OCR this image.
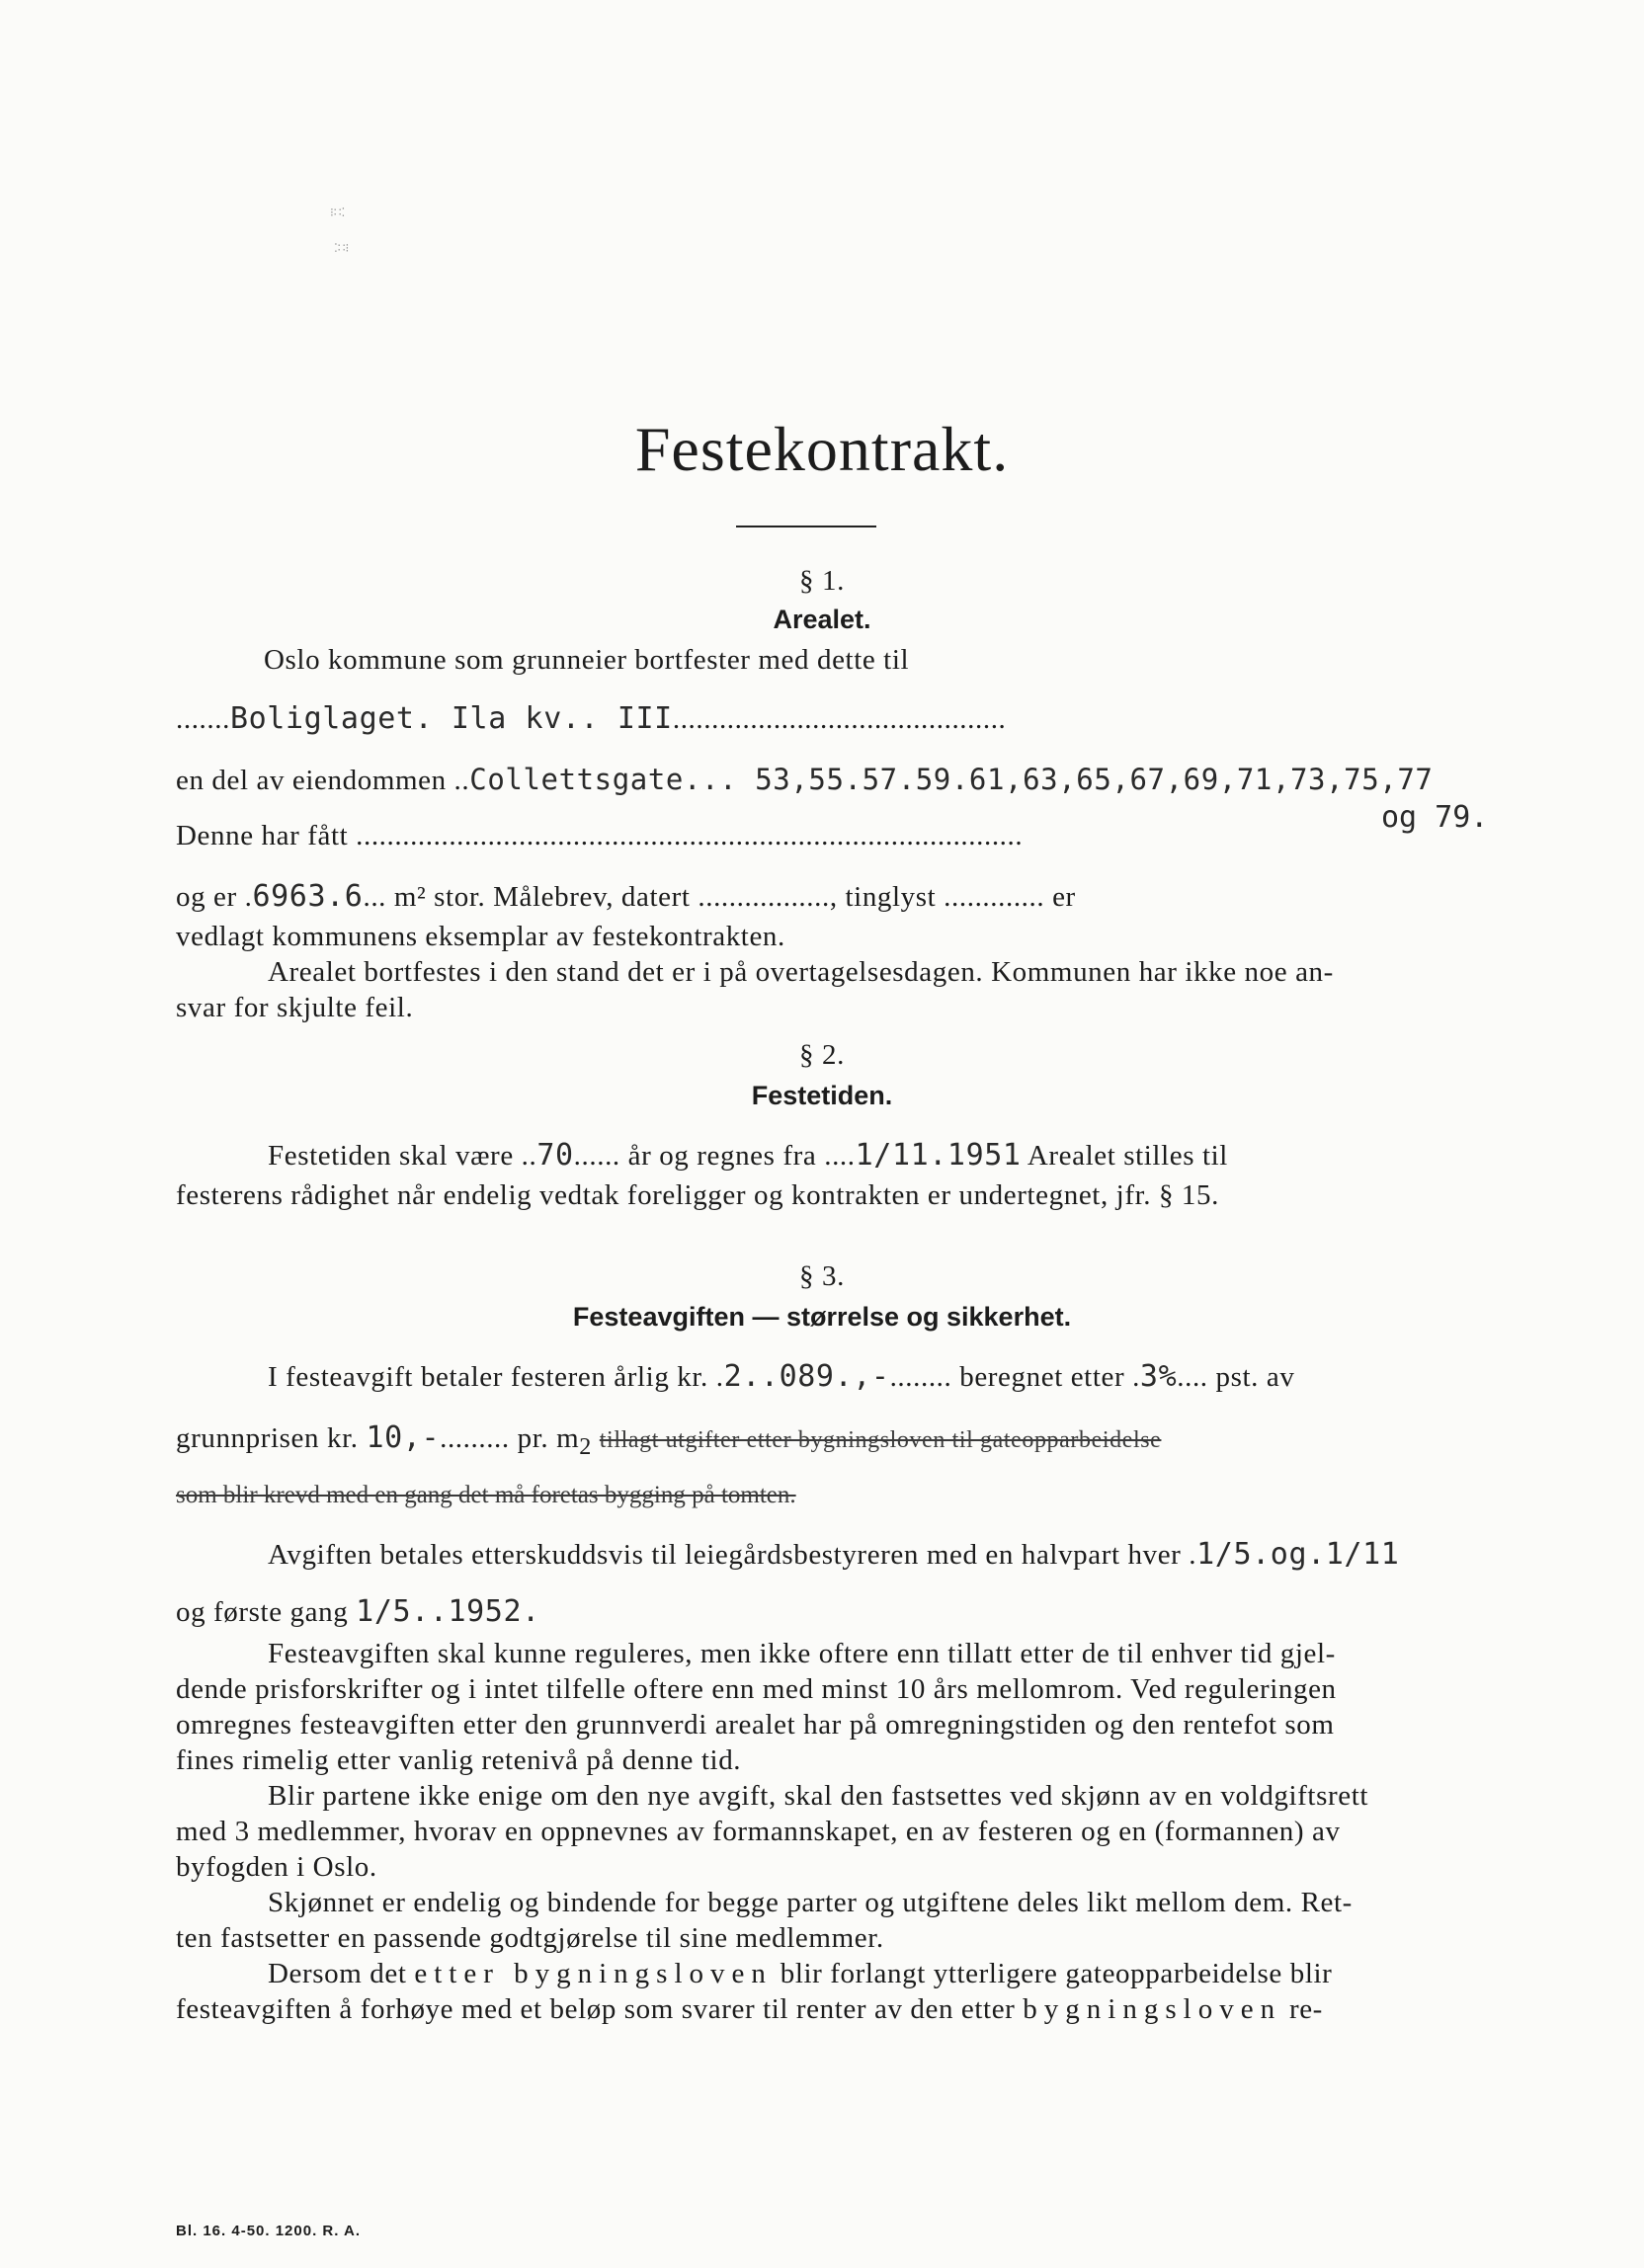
⁝∷⁚
⁚∷⁝
Festekontrakt.
§ 1.
Arealet.
Oslo kommune som grunneier bortfester med dette til
.......Boliglaget. Ila kv.. III...........................................
en del av eiendommen ..Collettsgate... 53,55.57.59.61,63,65,67,69,71,73,75,77
og 79.
Denne har fått ......................................................................................
og er .6963.6... m² stor. Målebrev, datert ................., tinglyst ............. er
vedlagt kommunens eksemplar av festekontrakten.
Arealet bortfestes i den stand det er i på overtagelsesdagen. Kommunen har ikke noe an-
svar for skjulte feil.
§ 2.
Festetiden.
Festetiden skal være ..70...... år og regnes fra ....1/11.1951 Arealet stilles til
festerens rådighet når endelig vedtak foreligger og kontrakten er undertegnet, jfr. § 15.
§ 3.
Festeavgiften — størrelse og sikkerhet.
I festeavgift betaler festeren årlig kr. .2..089.,-........ beregnet etter .3%.... pst. av
grunnprisen kr. 10,-......... pr. $m_2$ tillagt utgifter etter bygningsloven til gateopparbeidelse
som blir krevd med en gang det må foretas bygging på tomten.
Avgiften betales etterskuddsvis til leiegårdsbestyreren med en halvpart hver .1/5.og.1/11
og første gang 1/5..1952.
Festeavgiften skal kunne reguleres, men ikke oftere enn tillatt etter de til enhver tid gjel-
dende prisforskrifter og i intet tilfelle oftere enn med minst 10 års mellomrom. Ved reguleringen
omregnes festeavgiften etter den grunnverdi arealet har på omregningstiden og den rentefot som
fines rimelig etter vanlig retenivå på denne tid.
Blir partene ikke enige om den nye avgift, skal den fastsettes ved skjønn av en voldgiftsrett
med 3 medlemmer, hvorav en oppnevnes av formannskapet, en av festeren og en (formannen) av
byfogden i Oslo.
Skjønnet er endelig og bindende for begge parter og utgiftene deles likt mellom dem. Ret-
ten fastsetter en passende godtgjørelse til sine medlemmer.
Dersom det etter bygningsloven blir forlangt ytterligere gateopparbeidelse blir
festeavgiften å forhøye med et beløp som svarer til renter av den etter bygningsloven re-
Bl. 16. 4-50. 1200. R. A.
